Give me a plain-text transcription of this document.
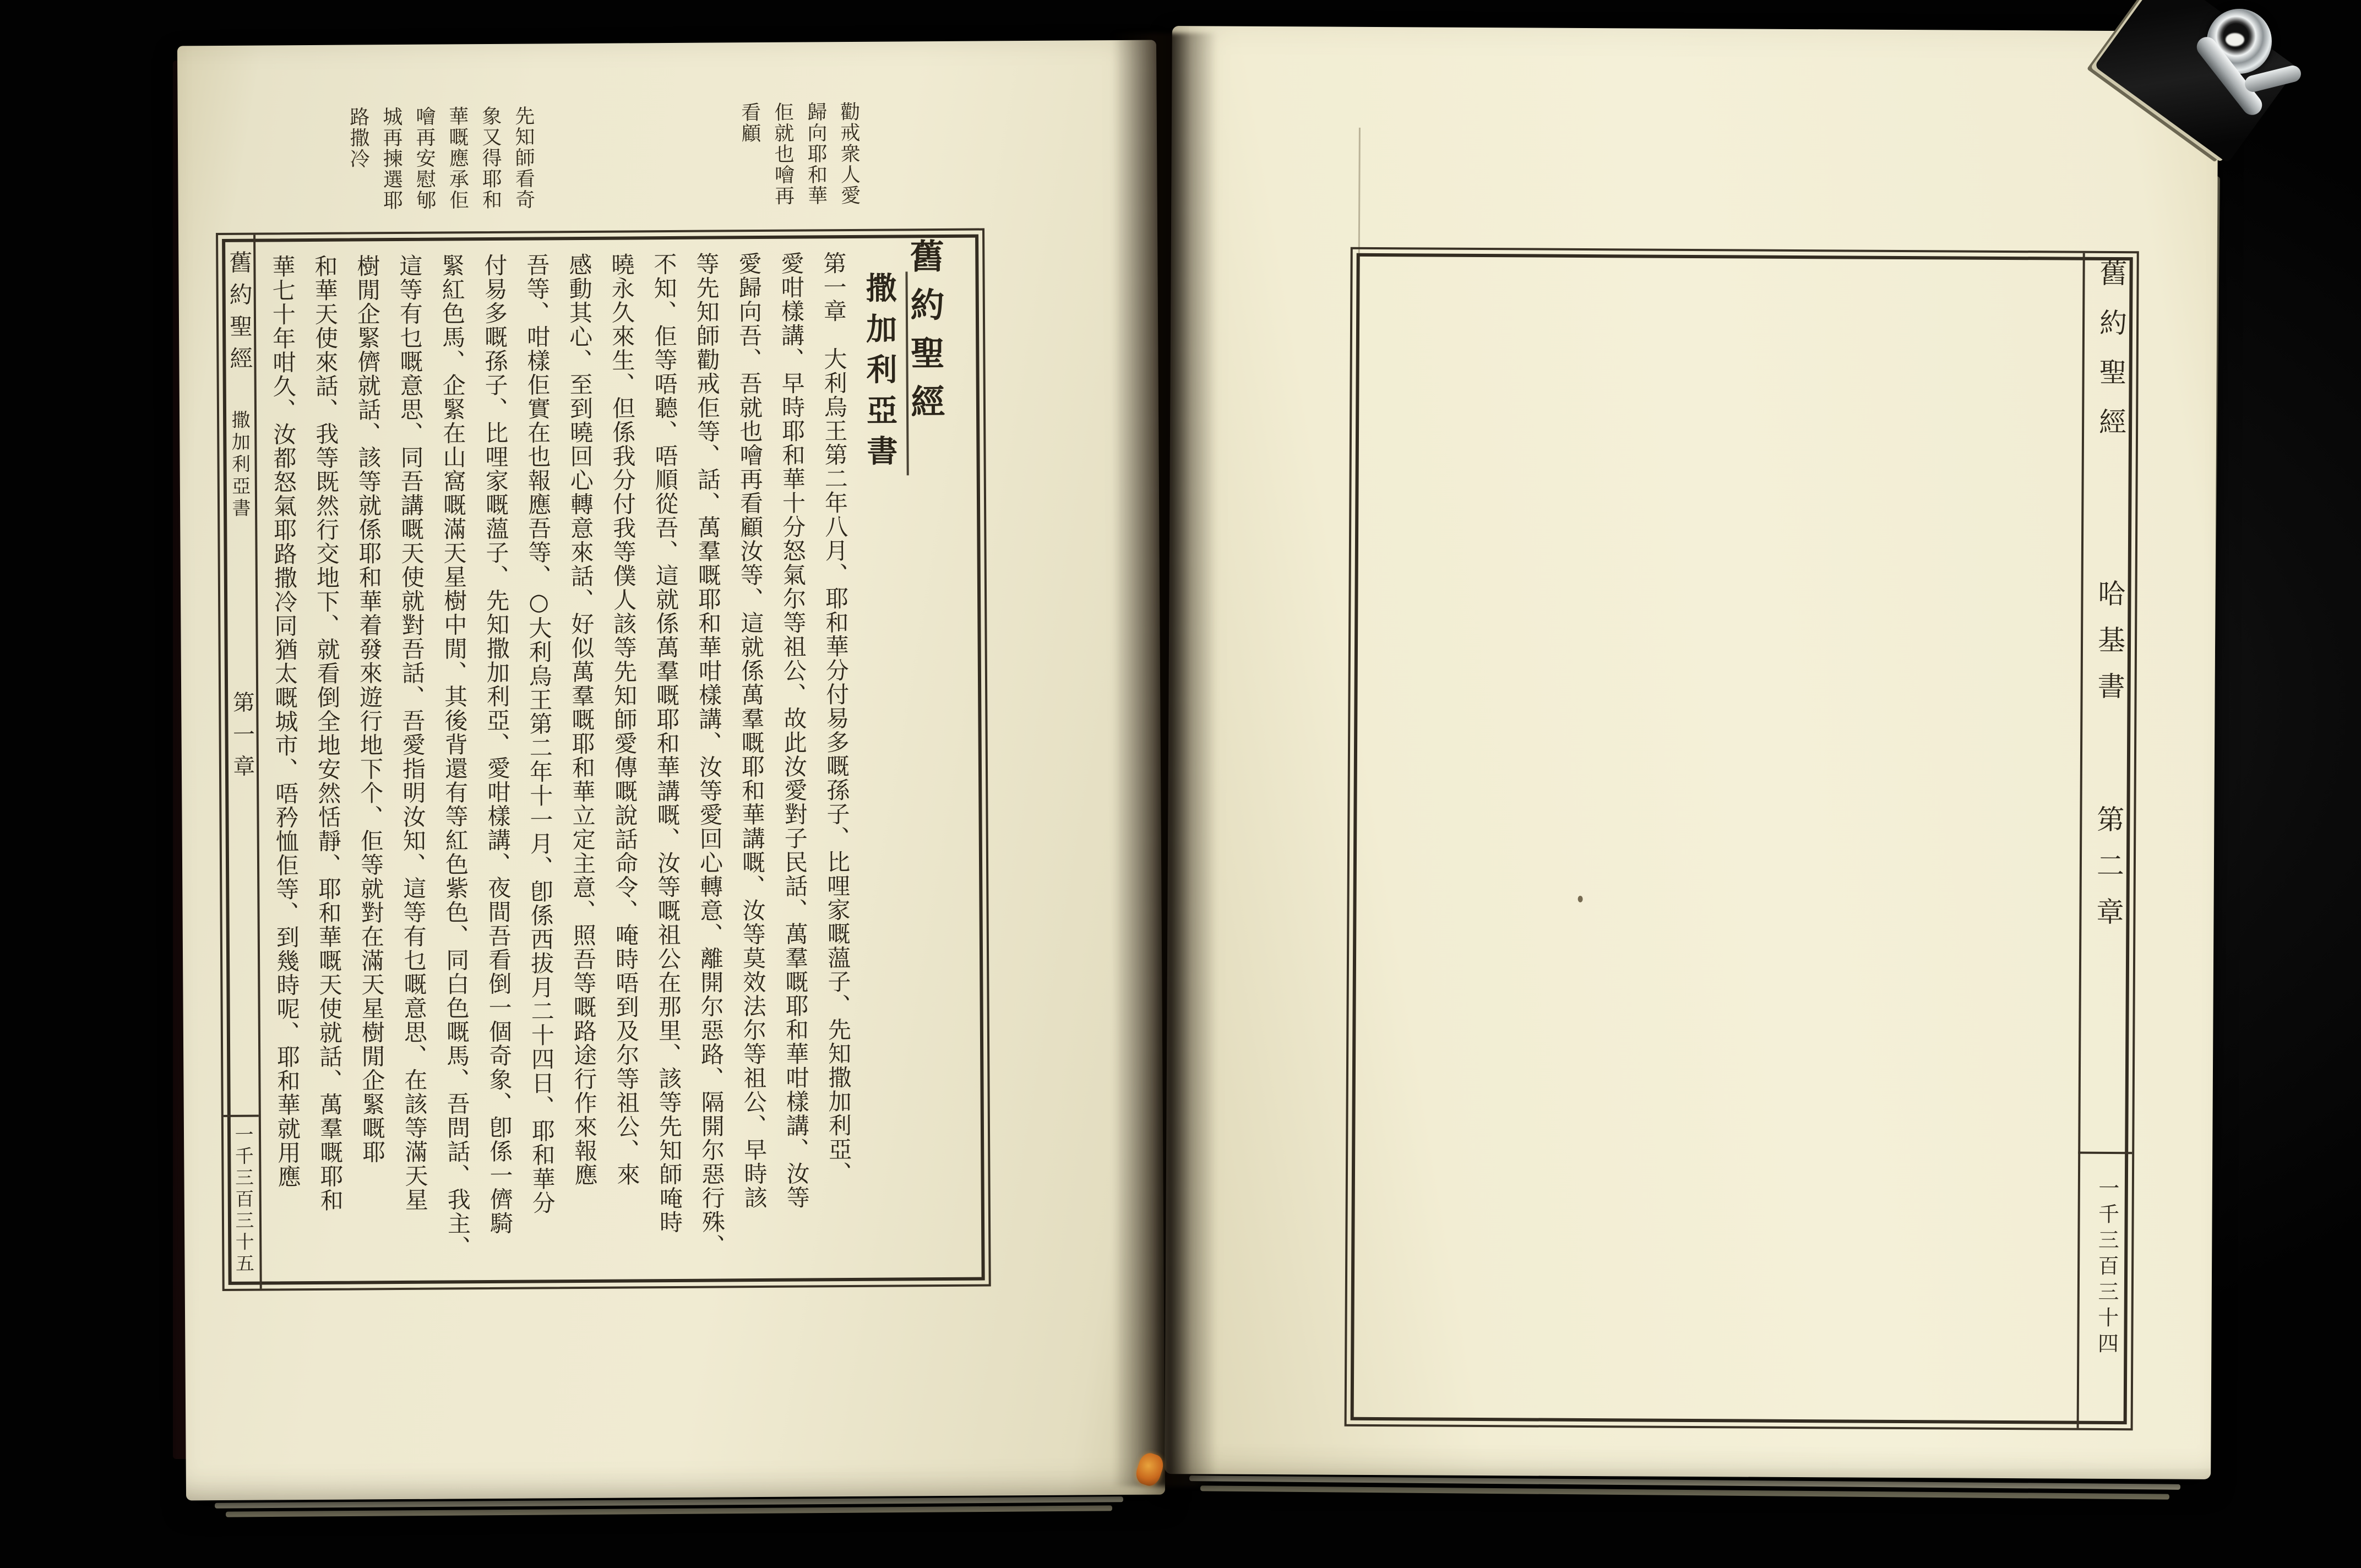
勸戒衆人愛
歸向耶和華
佢就也噲再
看顧
先知師看奇
象又得耶和
華嘅應承佢
噲再安慰郇
城再揀選耶
路撒冷
舊約聖經
撒加利亞書
第一章　大利烏王第二年八月、耶和華分付易多嘅孫子、比哩家嘅薀子、先知撒加利亞、
愛咁樣講、早時耶和華十分怒氣尔等祖公、故此汝愛對子民話、萬羣嘅耶和華咁樣講、汝等
愛歸向吾、吾就也噲再看顧汝等、這就係萬羣嘅耶和華講嘅、汝等莫效法尔等祖公、早時該
等先知師勸戒佢等、話、萬羣嘅耶和華咁樣講、汝等愛回心轉意、離開尔惡路、隔開尔惡行殊、
不知、佢等唔聽、唔順從吾、這就係萬羣嘅耶和華講嘅、汝等嘅祖公在那里、該等先知師唵時
曉永久來生、但係我分付我等僕人該等先知師愛傳嘅說話命令、唵時唔到及尔等祖公、來
感動其心、至到曉回心轉意來話、好似萬羣嘅耶和華立定主意、照吾等嘅路途行作來報應
吾等、咁樣佢實在也報應吾等、○大利烏王第二年十一月、卽係西拔月二十四日、耶和華分
付易多嘅孫子、比哩家嘅薀子、先知撒加利亞、愛咁樣講、夜間吾看倒一個奇象、卽係一儕騎
緊紅色馬、企緊在山窩嘅滿天星樹中閒、其後背還有等紅色紫色、同白色嘅馬、吾問話、我主、
這等有乜嘅意思、同吾講嘅天使就對吾話、吾愛指明汝知、這等有乜嘅意思、在該等滿天星
樹閒企緊儕就話、該等就係耶和華着發來遊行地下个、佢等就對在滿天星樹閒企緊嘅耶
和華天使來話、我等既然行交地下、就看倒全地安然恬靜、耶和華嘅天使就話、萬羣嘅耶和
華七十年咁久、汝都怒氣耶路撒冷同猶太嘅城市、唔矜恤佢等、到幾時呢、耶和華就用應
舊約聖經
撒加利亞書
第一章
一千三百三十五
舊約聖經
哈基書
第二章
一千三百三十四
